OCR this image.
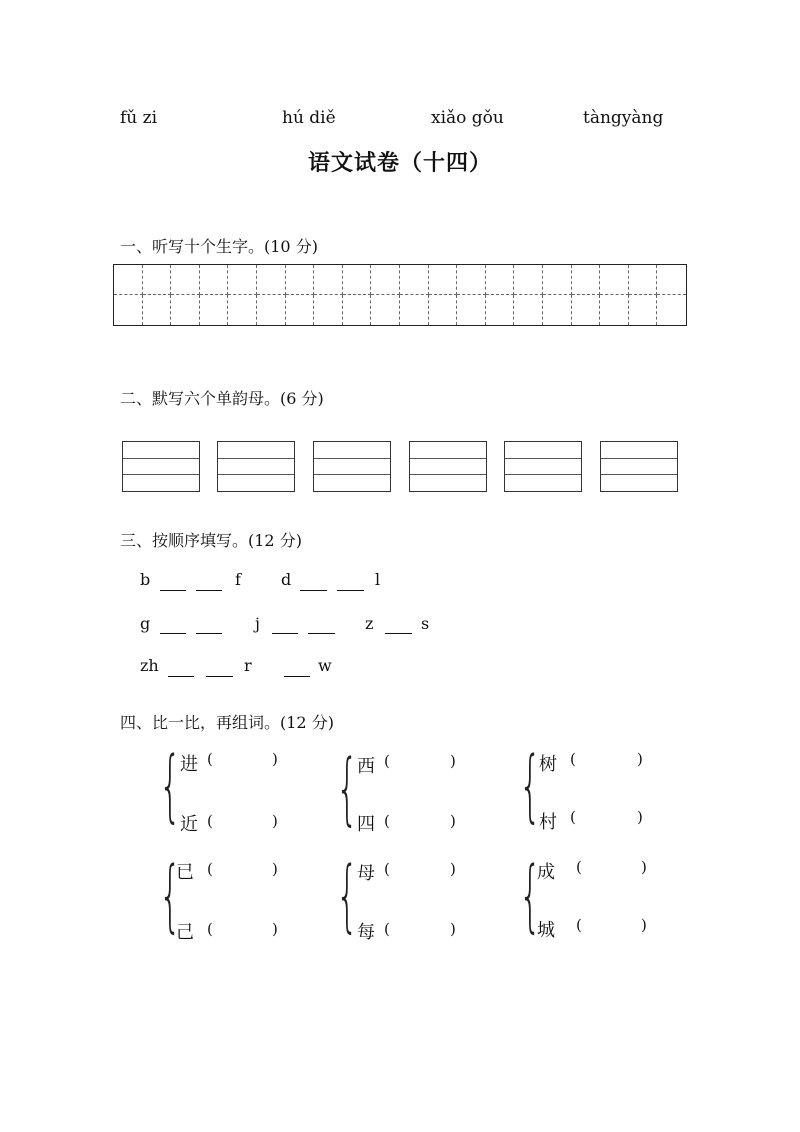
fǔ zi	hú diě	xiǎo gǒu	tàngyàng
语文试卷（十四）
一、听写十个生字。(10 分)
二、默写六个单韵母。(6 分)
三、按顺序填写。(12 分)
b	f	d	l
g	j	z	s
zh	r	w
四、比一比，再组词。(12 分)
{
进 (	)
近 (	) {
西 (	)
四 (	) {
树 (	)
村 (	)
{
已 (	)
己 (	) {
母 (	)
每 (	) {
成 (	)
城 (	)
